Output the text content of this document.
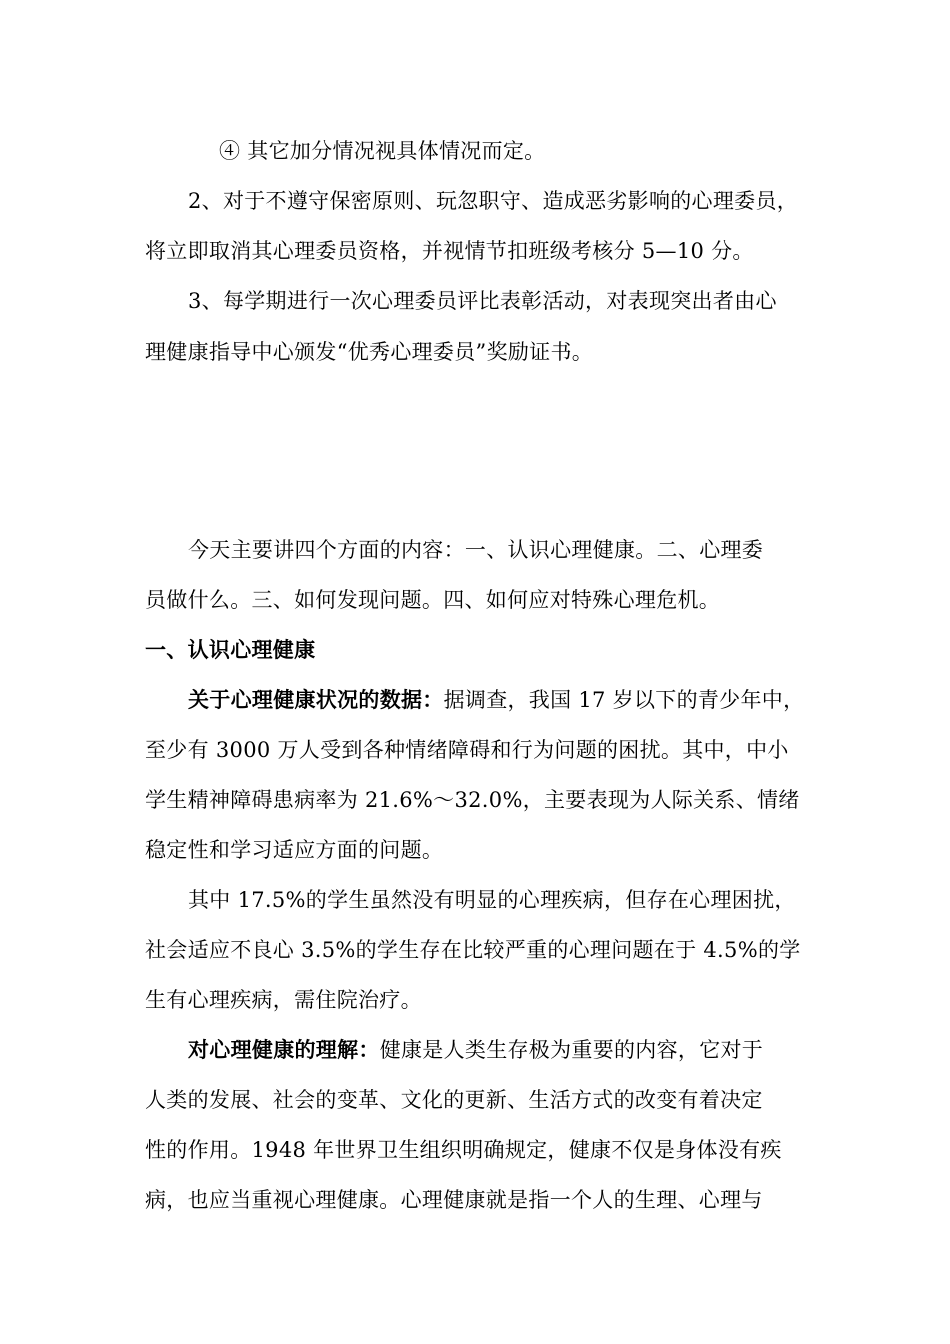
④ 其它加分情况视具体情况而定。
2、对于不遵守保密原则、玩忽职守、造成恶劣影响的心理委员，
将立即取消其心理委员资格，并视情节扣班级考核分 5—10 分。
3、每学期进行一次心理委员评比表彰活动，对表现突出者由心
理健康指导中心颁发“优秀心理委员”奖励证书。
今天主要讲四个方面的内容：一、认识心理健康。二、心理委
员做什么。三、如何发现问题。四、如何应对特殊心理危机。
一、认识心理健康
关于心理健康状况的数据：据调查，我国 17 岁以下的青少年中，
至少有 3000 万人受到各种情绪障碍和行为问题的困扰。其中，中小
学生精神障碍患病率为 21.6%～32.0%，主要表现为人际关系、情绪
稳定性和学习适应方面的问题。
其中 17.5%的学生虽然没有明显的心理疾病，但存在心理困扰，
社会适应不良心 3.5%的学生存在比较严重的心理问题在于 4.5%的学
生有心理疾病，需住院治疗。
对心理健康的理解：健康是人类生存极为重要的内容，它对于
人类的发展、社会的变革、文化的更新、生活方式的改变有着决定
性的作用。1948 年世界卫生组织明确规定，健康不仅是身体没有疾
病，也应当重视心理健康。心理健康就是指一个人的生理、心理与
